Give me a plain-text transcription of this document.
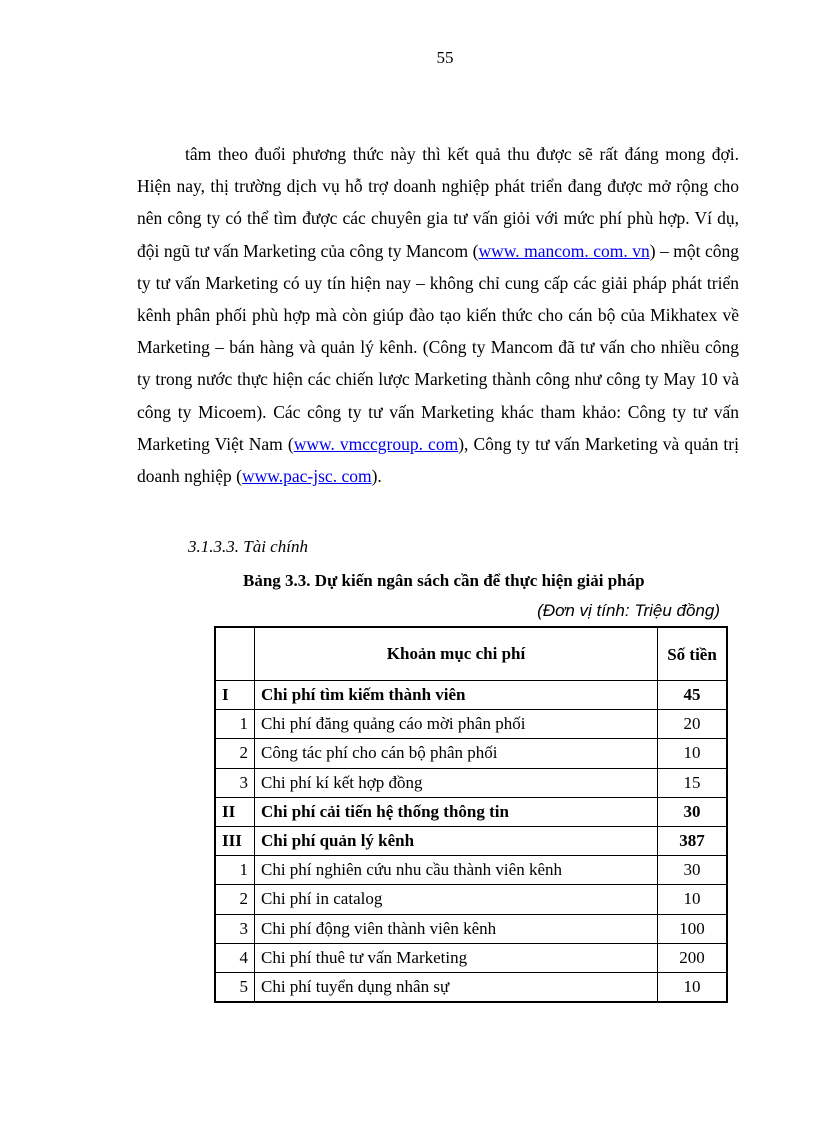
55
tâm theo đuổi phương thức này thì kết quả thu được sẽ rất đáng mong đợi. Hiện nay, thị trường dịch vụ hỗ trợ doanh nghiệp phát triển đang được mở rộng cho nên công ty có thể tìm được các chuyên gia tư vấn giỏi với mức phí phù hợp. Ví dụ, đội ngũ tư vấn Marketing của công ty Mancom (www. mancom. com. vn) – một công ty tư vấn Marketing có uy tín hiện nay – không chỉ cung cấp các giải pháp phát triển kênh phân phối phù hợp mà còn giúp đào tạo kiến thức cho cán bộ của Mikhatex về Marketing – bán hàng và quản lý kênh. (Công ty Mancom đã tư vấn cho nhiều công ty trong nước thực hiện các chiến lược Marketing thành công như công ty May 10 và công ty Micoem). Các công ty tư vấn Marketing khác tham khảo: Công ty tư vấn Marketing Việt Nam (www. vmccgroup. com), Công ty tư vấn Marketing và quản trị doanh nghiệp (www.pac-jsc. com).
3.1.3.3. Tài chính
Bảng 3.3. Dự kiến ngân sách cần để thực hiện giải pháp
(Đơn vị tính: Triệu đồng)
	Khoản mục chi phí	Số tiền
I	Chi phí tìm kiếm thành viên	45
1	Chi phí đăng quảng cáo mời phân phối	20
2	Công tác phí cho cán bộ phân phối	10
3	Chi phí kí kết hợp đồng	15
II	Chi phí cải tiến hệ thống thông tin	30
III	Chi phí quản lý kênh	387
1	Chi phí nghiên cứu nhu cầu thành viên kênh	30
2	Chi phí in catalog	10
3	Chi phí động viên thành viên kênh	100
4	Chi phí thuê tư vấn Marketing	200
5	Chi phí tuyển dụng nhân sự	10
